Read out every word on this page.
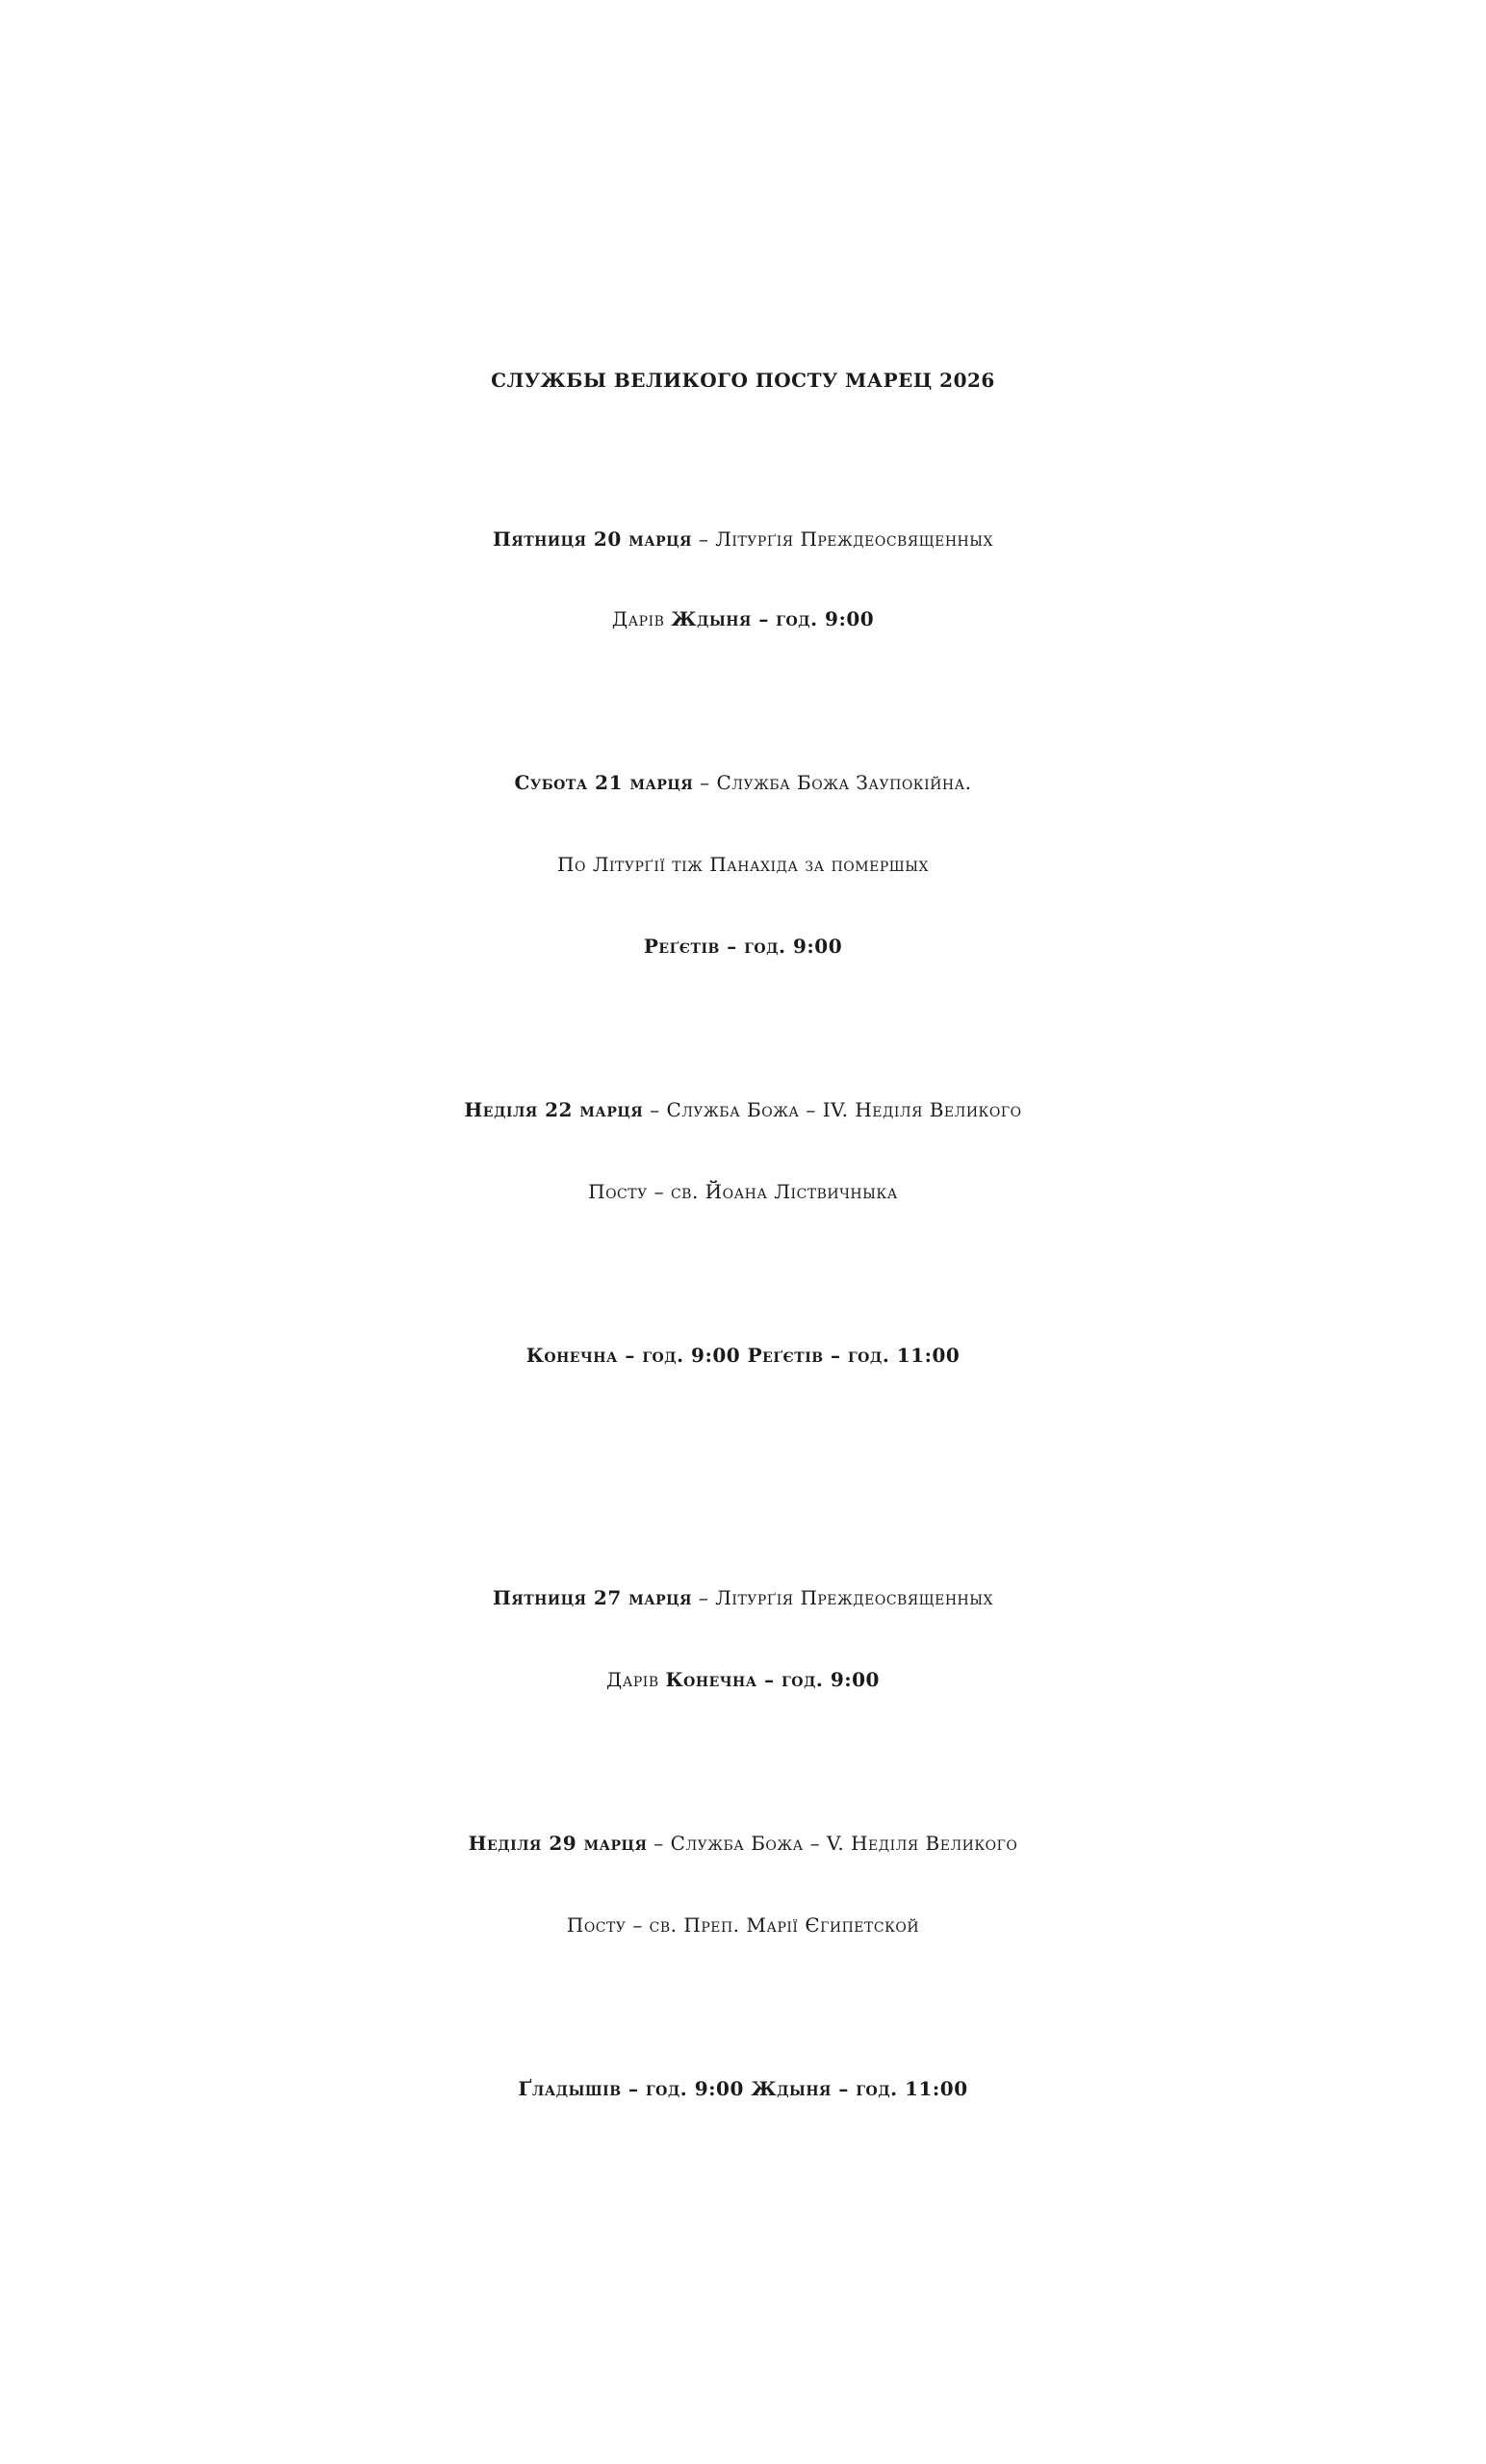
СЛУЖБЫ ВЕЛИКОГО ПОСТУ МАРЕЦ 2026
Пятниця 20 марця – Літурґія Преждеосвященных
Дарів Ждыня – год. 9:00
Субота 21 марця – Служба Божа Заупокійна.
По Літурґії тіж Панахіда за помершых
Реґєтів – год. 9:00
Неділя 22 марця – Служба Божа – IV. Неділя Великого
Посту – св. Йоана Ліствичныка
Конечна – год. 9:00 Реґєтів – год. 11:00
Пятниця 27 марця – Літурґія Преждеосвященных
Дарів Конечна – год. 9:00
Неділя 29 марця – Служба Божа – V. Неділя Великого
Посту – св. Преп. Марії Єгипетской
Ґладышів – год. 9:00 Ждыня – год. 11:00
